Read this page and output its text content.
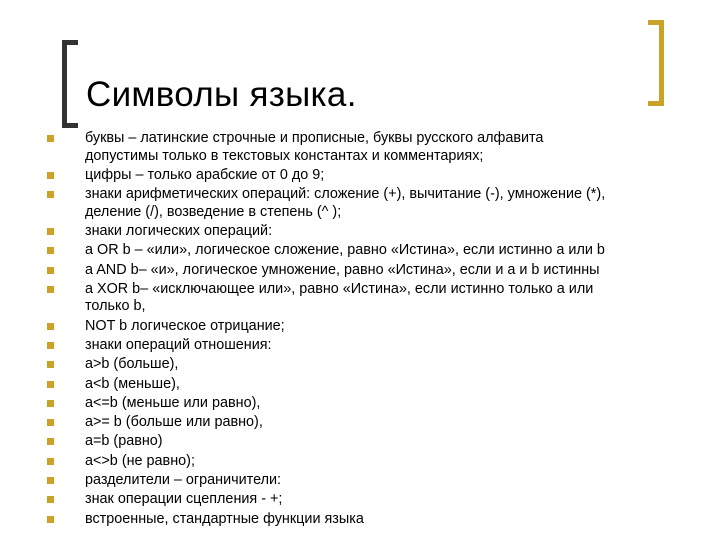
Символы языка.
буквы – латинские строчные и прописные, буквы русского алфавита
допустимы только в текстовых константах и комментариях;
цифры – только арабские от 0 до 9;
знаки арифметических операций: сложение (+), вычитание (-), умножение (*),
деление (/), возведение в степень (^ );
знаки логических операций:
a OR b – «или», логическое сложение, равно «Истина», если истинно a или b
a AND b– «и», логическое умножение, равно «Истина», если и a и b истинны
a XOR b– «исключающее или», равно «Истина», если истинно только a или
только b,
NOT b логическое отрицание;
знаки операций отношения:
a>b (больше),
a<b (меньше),
a<=b (меньше или равно),
a>= b (больше или равно),
a=b (равно)
a<>b (не равно);
разделители – ограничители:
знак операции сцепления - +;
встроенные, стандартные функции языка
